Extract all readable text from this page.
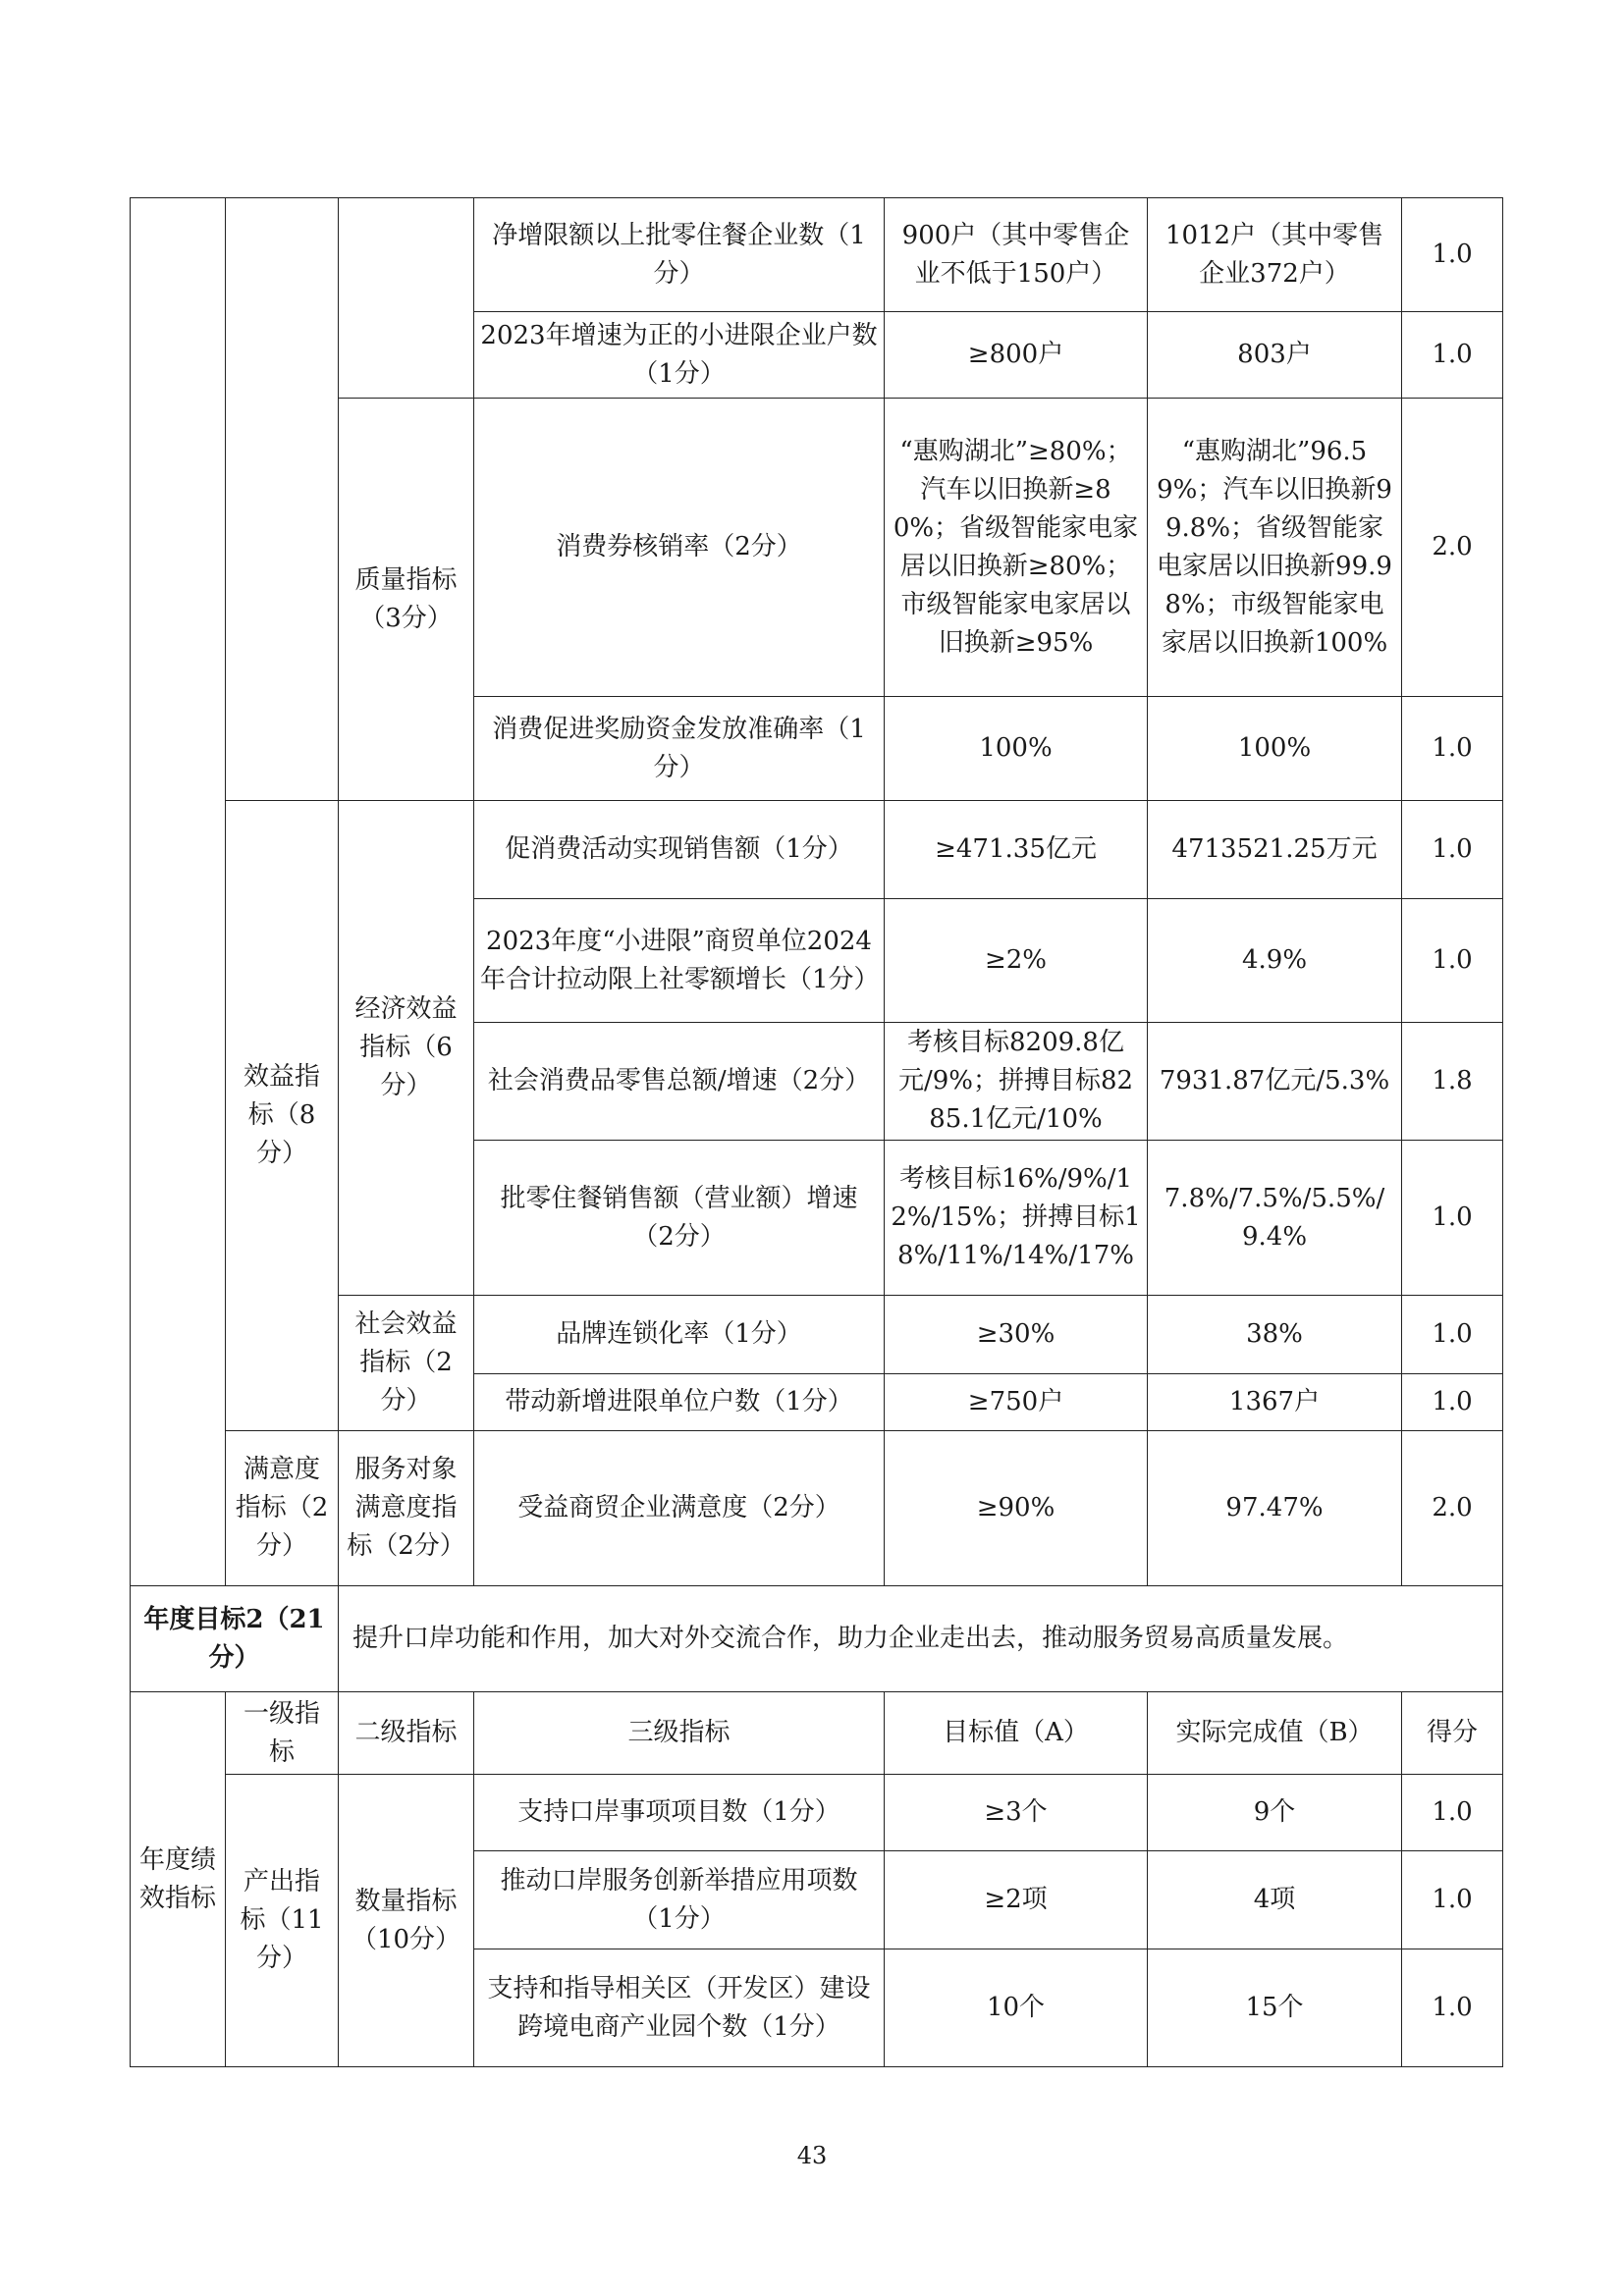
			净增限额以上批零住餐企业数（1分）	900户（其中零售企业不低于150户）	1012户（其中零售企业372户）	1.0
			2023年增速为正的小进限企业户数（1分）	≥800户	803户	1.0
		质量指标（3分）	消费券核销率（2分）	“惠购湖北”≥80%；汽车以旧换新≥80%；省级智能家电家居以旧换新≥80%；市级智能家电家居以旧换新≥95%	“惠购湖北”96.59%；汽车以旧换新99.8%；省级智能家电家居以旧换新99.98%；市级智能家电家居以旧换新100%	2.0
			消费促进奖励资金发放准确率（1分）	100%	100%	1.0
	效益指标（8分）	经济效益指标（6分）	促消费活动实现销售额（1分）	≥471.35亿元	4713521.25万元	1.0
			2023年度“小进限”商贸单位2024年合计拉动限上社零额增长（1分）	≥2%	4.9%	1.0
			社会消费品零售总额/增速（2分）	考核目标8209.8亿元/9%；拼搏目标8285.1亿元/10%	7931.87亿元/5.3%	1.8
			批零住餐销售额（营业额）增速（2分）	考核目标16%/9%/12%/15%；拼搏目标18%/11%/14%/17%	7.8%/7.5%/5.5%/9.4%	1.0
		社会效益指标（2分）	品牌连锁化率（1分）	≥30%	38%	1.0
			带动新增进限单位户数（1分）	≥750户	1367户	1.0
	满意度指标（2分）	服务对象满意度指标（2分）	受益商贸企业满意度（2分）	≥90%	97.47%	2.0
年度目标2（21分）		提升口岸功能和作用，加大对外交流合作，助力企业走出去，推动服务贸易高质量发展。				
年度绩效指标	一级指标	二级指标	三级指标	目标值（A）	实际完成值（B）	得分
	产出指标（11分）	数量指标（10分）	支持口岸事项项目数（1分）	≥3个	9个	1.0
			推动口岸服务创新举措应用项数（1分）	≥2项	4项	1.0
			支持和指导相关区（开发区）建设跨境电商产业园个数（1分）	10个	15个	1.0
43
